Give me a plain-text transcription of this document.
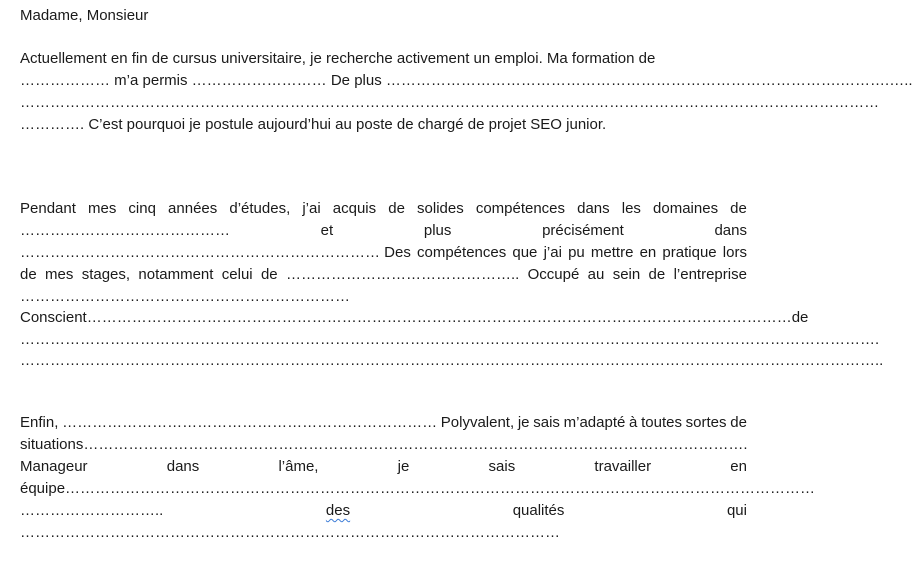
Madame, Monsieur
Actuellement en fin de cursus universitaire, je recherche activement un emploi. Ma formation de
……………… m’a permis ……………………… De plus ……………………………………………………………………………….……….…..
…………………………………………………………………………………………………….…………………………………………………
…………. C’est pourquoi je postule aujourd’hui au poste de chargé de projet SEO junior.
Pendant mes cinq années d’études, j’ai acquis de solides compétences dans les domaines de
……………………………………	et	plus	précisément	dans
……………………………………………………………… Des compétences que j’ai pu mettre en pratique lors
de mes stages, notamment celui de ……………………………………….. Occupé au sein de l’entreprise
…………………………………………………………
Conscient…………………………………………………………………………………………………………………………… de
……………………………………………………………………………………………………………………………………………………….
………………………………………………………………………………………………………………………………………………………..
Enfin, ………………………………………………………………… Polyvalent, je sais m’adapté à toutes sortes de
situations …………………………………………………………………………………………………………………….
Manageur	dans	l’âme,	je	sais	travailler	en
équipe……………………………………………………………………………………………………………………………………
………………………..	des	qualités	qui
………………………………………………………………………………………………
